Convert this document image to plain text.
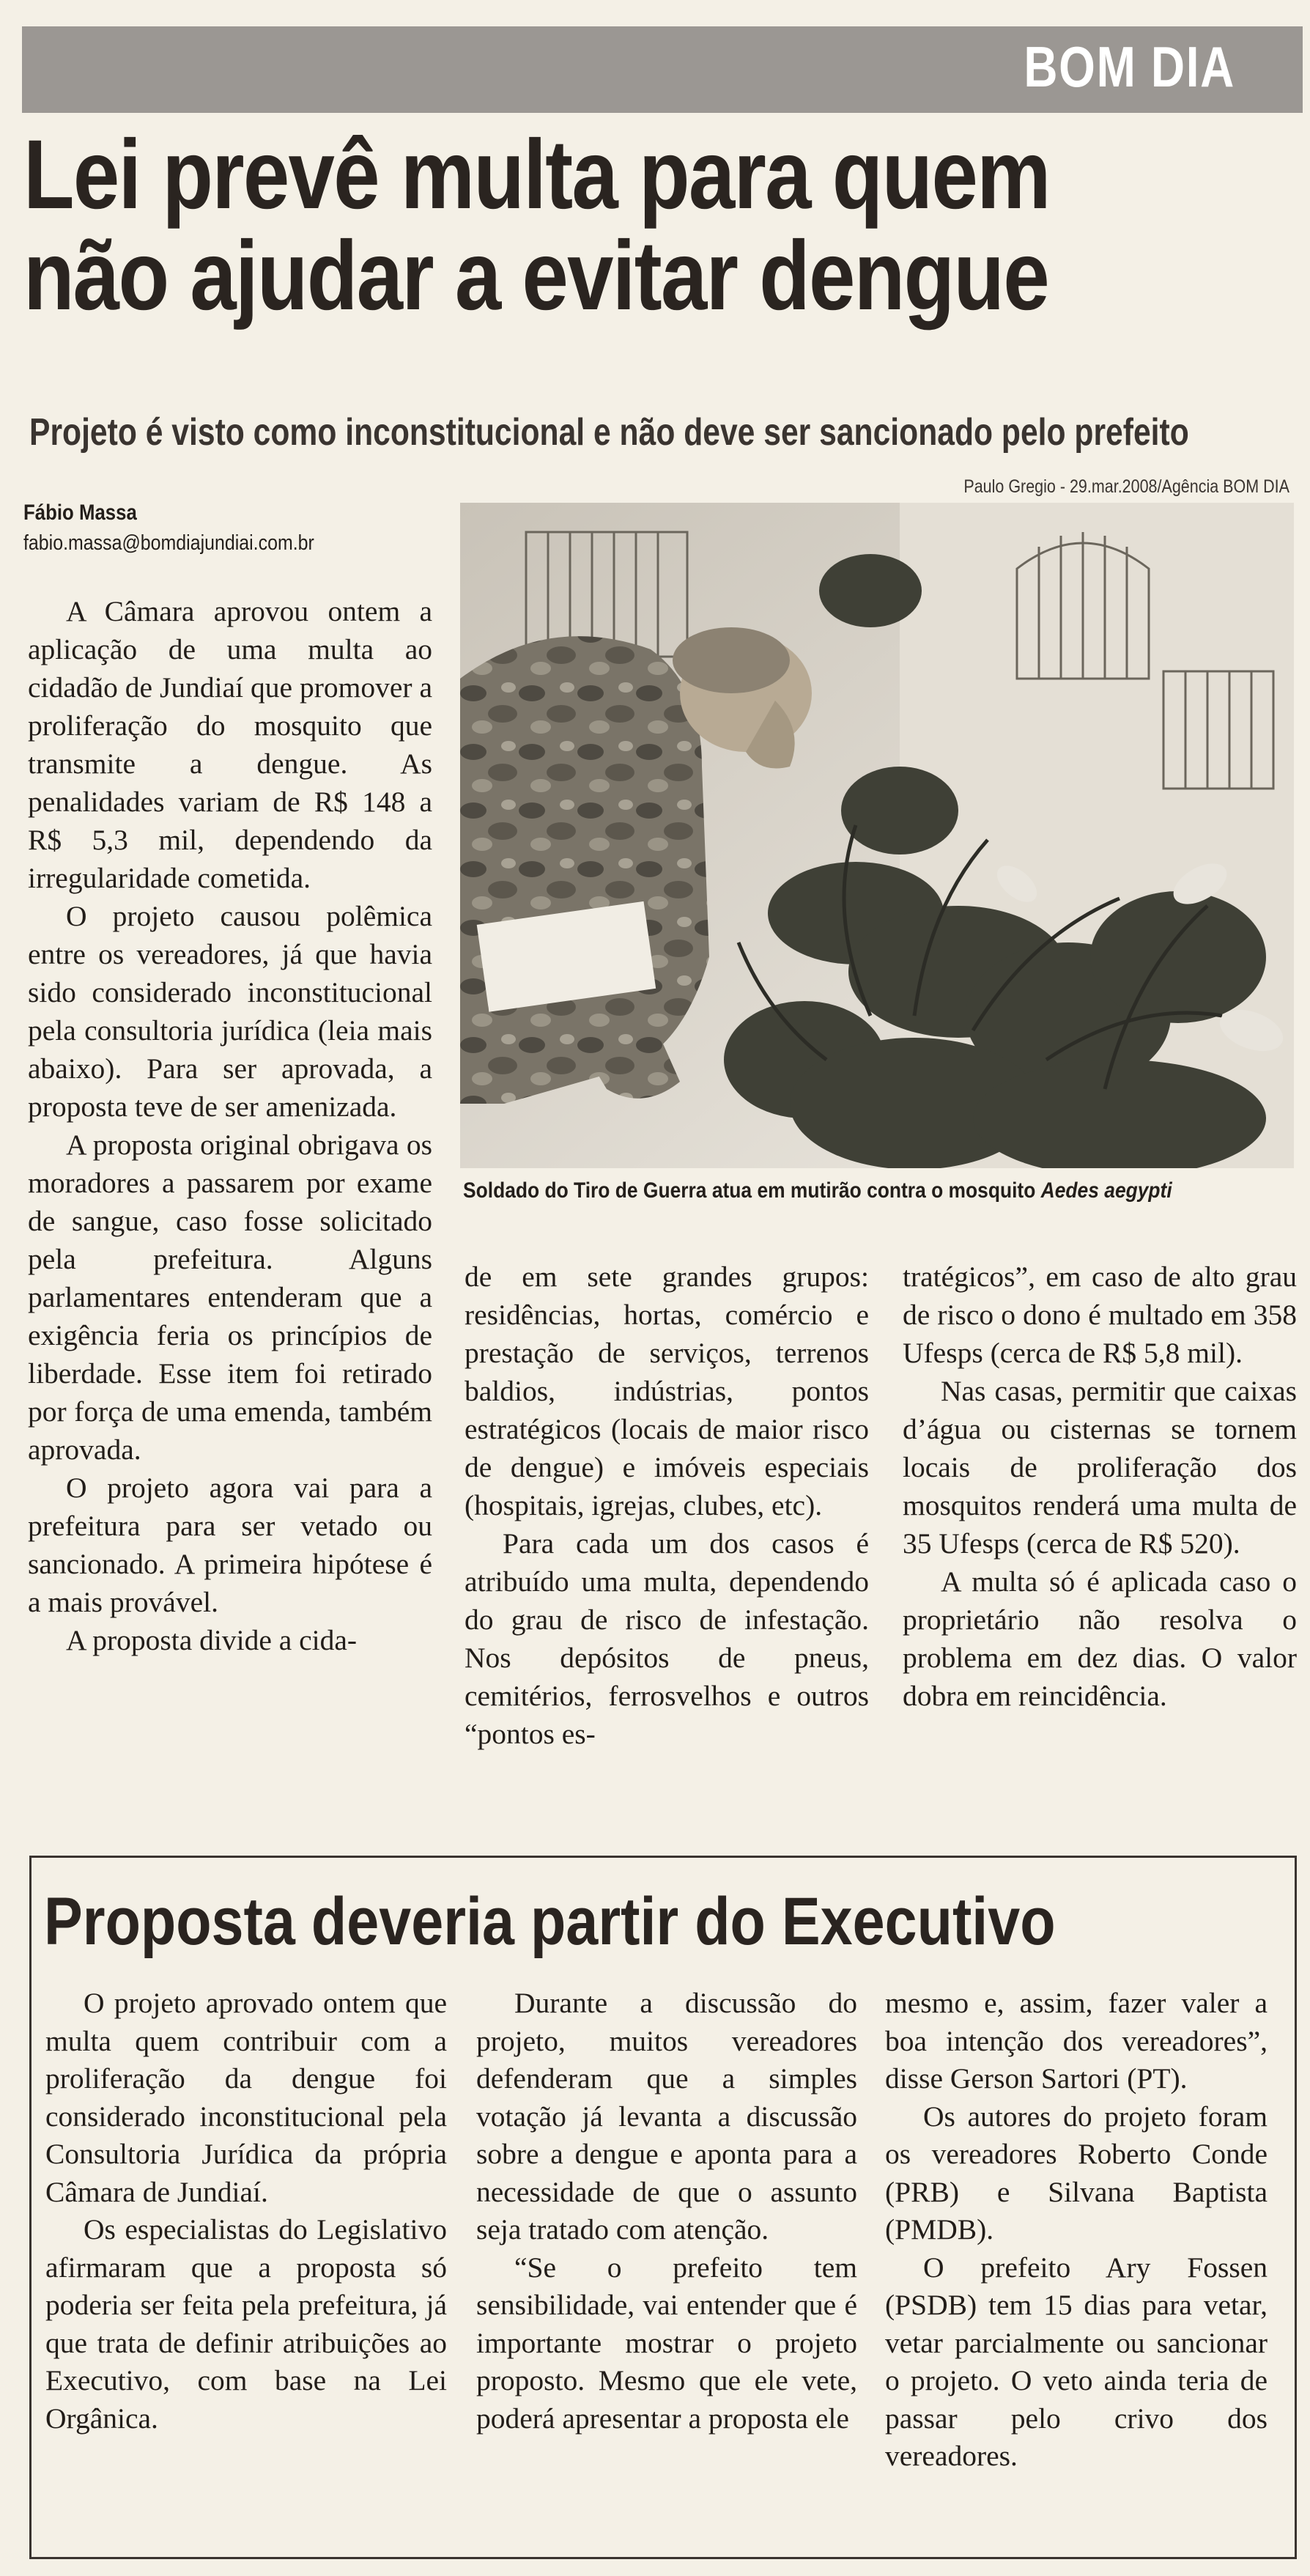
BOM DIA
Lei prevê multa para quem
não ajudar a evitar dengue
Projeto é visto como inconstitucional e não deve ser sancionado pelo prefeito
Paulo Gregio - 29.mar.2008/Agência BOM DIA
Fábio Massa
fabio.massa@bomdiajundiai.com.br
Soldado do Tiro de Guerra atua em mutirão contra o mosquito Aedes aegypti

A Câmara aprovou ontem a aplicação de uma multa ao cidadão de Jundiaí que promover a proliferação do mosquito que transmite a dengue. As penalidades variam de R$ 148 a R$ 5,3 mil, dependendo da irregularidade cometida.

O projeto causou polêmica entre os vereadores, já que havia sido considerado inconstitucional pela consultoria jurídica (leia mais abaixo). Para ser aprovada, a proposta teve de ser amenizada.

A proposta original obrigava os moradores a passarem por exame de sangue, caso fosse solicitado pela prefeitura. Alguns parlamentares entenderam que a exigência feria os princípios de liberdade. Esse item foi retirado por força de uma emenda, também aprovada.

O projeto agora vai para a prefeitura para ser vetado ou sancionado. A primeira hipótese é a mais provável.

A proposta divide a cida-

de em sete grandes grupos: residências, hortas, comércio e prestação de serviços, terrenos baldios, indústrias, pontos estratégicos (locais de maior risco de dengue) e imóveis especiais (hospitais, igrejas, clubes, etc).

Para cada um dos casos é atribuído uma multa, dependendo do grau de risco de infestação. Nos depósitos de pneus, cemitérios, ferrosvelhos e outros “pontos es-

tratégicos”, em caso de alto grau de risco o dono é multado em 358 Ufesps (cerca de R$ 5,8 mil).

Nas casas, permitir que caixas d’água ou cisternas se tornem locais de proliferação dos mosquitos renderá uma multa de 35 Ufesps (cerca de R$ 520).

A multa só é aplicada caso o proprietário não resolva o problema em dez dias. O valor dobra em reincidência.

Proposta deveria partir do Executivo

O projeto aprovado ontem que multa quem contribuir com a proliferação da dengue foi considerado inconstitucional pela Consultoria Jurídica da própria Câmara de Jundiaí.

Os especialistas do Legislativo afirmaram que a proposta só poderia ser feita pela prefeitura, já que trata de definir atribuições ao Executivo, com base na Lei Orgânica.

Durante a discussão do projeto, muitos vereadores defenderam que a simples votação já levanta a discussão sobre a dengue e aponta para a necessidade de que o assunto seja tratado com atenção.

“Se o prefeito tem sensibilidade, vai entender que é importante mostrar o projeto proposto. Mesmo que ele vete, poderá apresentar a proposta ele

mesmo e, assim, fazer valer a boa intenção dos vereadores”, disse Gerson Sartori (PT).

Os autores do projeto foram os vereadores Roberto Conde (PRB) e Silvana Baptista (PMDB).

O prefeito Ary Fossen (PSDB) tem 15 dias para vetar, vetar parcialmente ou sancionar o projeto. O veto ainda teria de passar pelo crivo dos vereadores.
